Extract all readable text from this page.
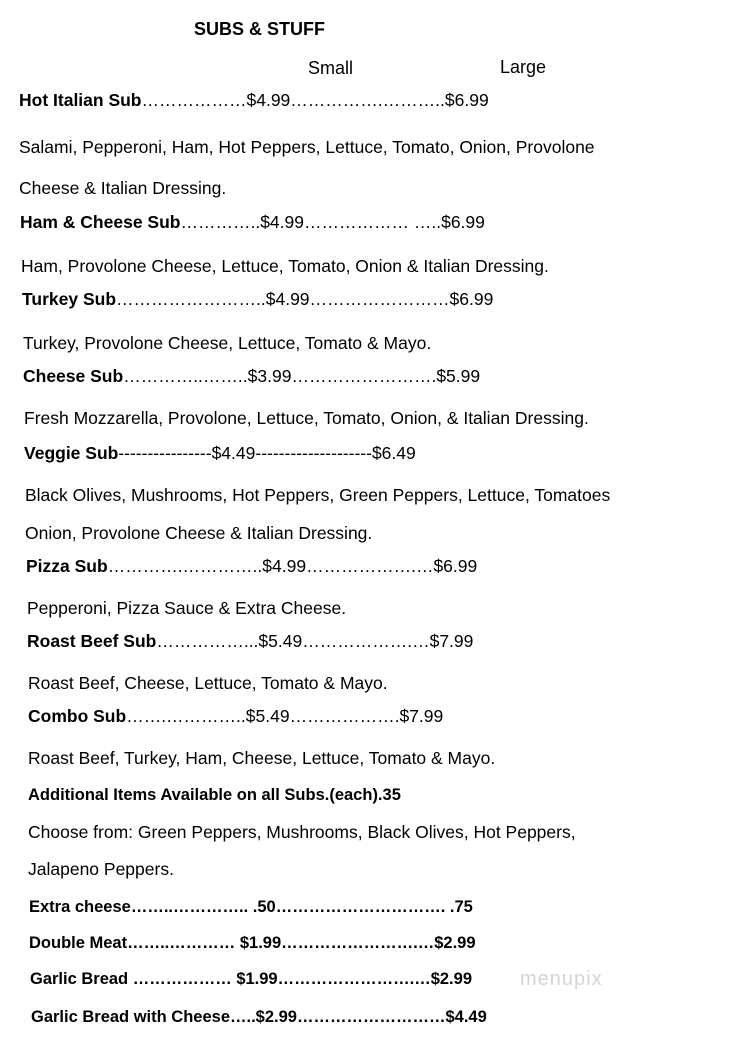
SUBS & STUFF
Small	Large
Hot Italian Sub………………$4.99…………….………..$6.99
Salami, Pepperoni, Ham, Hot Peppers, Lettuce, Tomato, Onion, Provolone
Cheese & Italian Dressing.
Ham & Cheese Sub…………..$4.99……………… …..$6.99
Ham, Provolone Cheese, Lettuce, Tomato, Onion & Italian Dressing.
Turkey Sub……………………..$4.99……………………$6.99
Turkey, Provolone Cheese, Lettuce, Tomato & Mayo.
Cheese Sub…………..……..$3.99…………………….$5.99
Fresh Mozzarella, Provolone, Lettuce, Tomato, Onion, & Italian Dressing.
Veggie Sub----------------$4.49--------------------$6.49
Black Olives, Mushrooms, Hot Peppers, Green Peppers, Lettuce, Tomatoes
Onion, Provolone Cheese & Italian Dressing.
Pizza Sub………….…………..$4.99……………….…$6.99
Pepperoni, Pizza Sauce & Extra Cheese.
Roast Beef Sub……………...$5.49……………….…$7.99
Roast Beef, Cheese, Lettuce, Tomato & Mayo.
Combo Sub…….…………..$5.49……………….$7.99
Roast Beef, Turkey, Ham, Cheese, Lettuce, Tomato & Mayo.
Additional Items Available on all Subs.(each).35
Choose from: Green Peppers, Mushrooms, Black Olives, Hot Peppers,
Jalapeno Peppers.
Extra cheese……..………….. .50…………………………. .75
Double Meat……..………… $1.99…………………….…$2.99
Garlic Bread ……………… $1.99…………………….…$2.99
Garlic Bread with Cheese…..$2.99………………………$4.49
menupix
